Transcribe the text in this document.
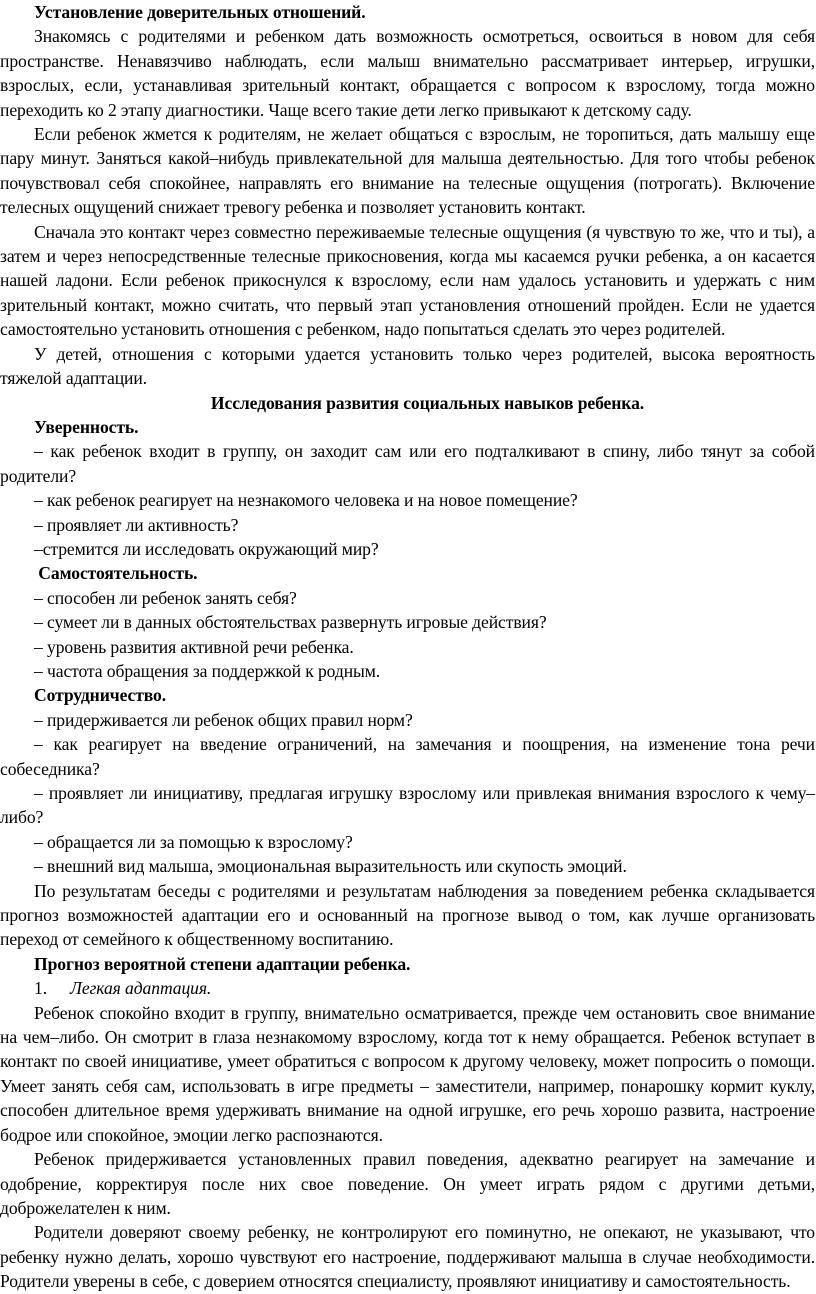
Установление доверительных отношений.

Знакомясь с родителями и ребенком дать возможность осмотреться, освоиться в новом для себя пространстве. Ненавязчиво наблюдать, если малыш внимательно рассматривает интерьер, игрушки, взрослых, если, устанавливая зрительный контакт, обращается с вопросом к взрослому, тогда можно переходить ко 2 этапу диагностики. Чаще всего такие дети легко привыкают к детскому саду.

Если ребенок жмется к родителям, не желает общаться с взрослым, не торопиться, дать малышу еще пару минут. Заняться какой–нибудь привлекательной для малыша деятельностью. Для того чтобы ребенок почувствовал себя спокойнее, направлять его внимание на телесные ощущения (потрогать). Включение телесных ощущений снижает тревогу ребенка и позволяет установить контакт.

Сначала это контакт через совместно переживаемые телесные ощущения (я чувствую то же, что и ты), а затем и через непосредственные телесные прикосновения, когда мы касаемся ручки ребенка, а он касается нашей ладони. Если ребенок прикоснулся к взрослому, если нам удалось установить и удержать с ним зрительный контакт, можно считать, что первый этап установления отношений пройден. Если не удается самостоятельно установить отношения с ребенком, надо попытаться сделать это через родителей.

У детей, отношения с которыми удается установить только через родителей, высока вероятность тяжелой адаптации.

Исследования развития социальных навыков ребенка.

Уверенность.

– как ребенок входит в группу, он заходит сам или его подталкивают в спину, либо тянут за собой родители?

– как ребенок реагирует на незнакомого человека и на новое помещение?

– проявляет ли активность?

–стремится ли исследовать окружающий мир?

Самостоятельность.

– способен ли ребенок занять себя?

– сумеет ли в данных обстоятельствах развернуть игровые действия?

– уровень развития активной речи ребенка.

– частота обращения за поддержкой к родным.

Сотрудничество.

– придерживается ли ребенок общих правил норм?

– как реагирует на введение ограничений, на замечания и поощрения, на изменение тона речи собеседника?

– проявляет ли инициативу, предлагая игрушку взрослому или привлекая внимания взрослого к чему–либо?

– обращается ли за помощью к взрослому?

– внешний вид малыша, эмоциональная выразительность или скупость эмоций.

По результатам беседы с родителями и результатам наблюдения за поведением ребенка складывается прогноз возможностей адаптации его и основанный на прогнозе вывод о том, как лучше организовать переход от семейного к общественному воспитанию.

Прогноз вероятной степени адаптации ребенка.

1. Легкая адаптация.

Ребенок спокойно входит в группу, внимательно осматривается, прежде чем остановить свое внимание на чем–либо. Он смотрит в глаза незнакомому взрослому, когда тот к нему обращается. Ребенок вступает в контакт по своей инициативе, умеет обратиться с вопросом к другому человеку, может попросить о помощи. Умеет занять себя сам, использовать в игре предметы – заместители, например, понарошку кормит куклу, способен длительное время удерживать внимание на одной игрушке, его речь хорошо развита, настроение бодрое или спокойное, эмоции легко распознаются.

Ребенок придерживается установленных правил поведения, адекватно реагирует на замечание и одобрение, корректируя после них свое поведение. Он умеет играть рядом с другими детьми, доброжелателен к ним.

Родители доверяют своему ребенку, не контролируют его поминутно, не опекают, не указывают, что ребенку нужно делать, хорошо чувствуют его настроение, поддерживают малыша в случае необходимости. Родители уверены в себе, с доверием относятся специалисту, проявляют инициативу и самостоятельность.
